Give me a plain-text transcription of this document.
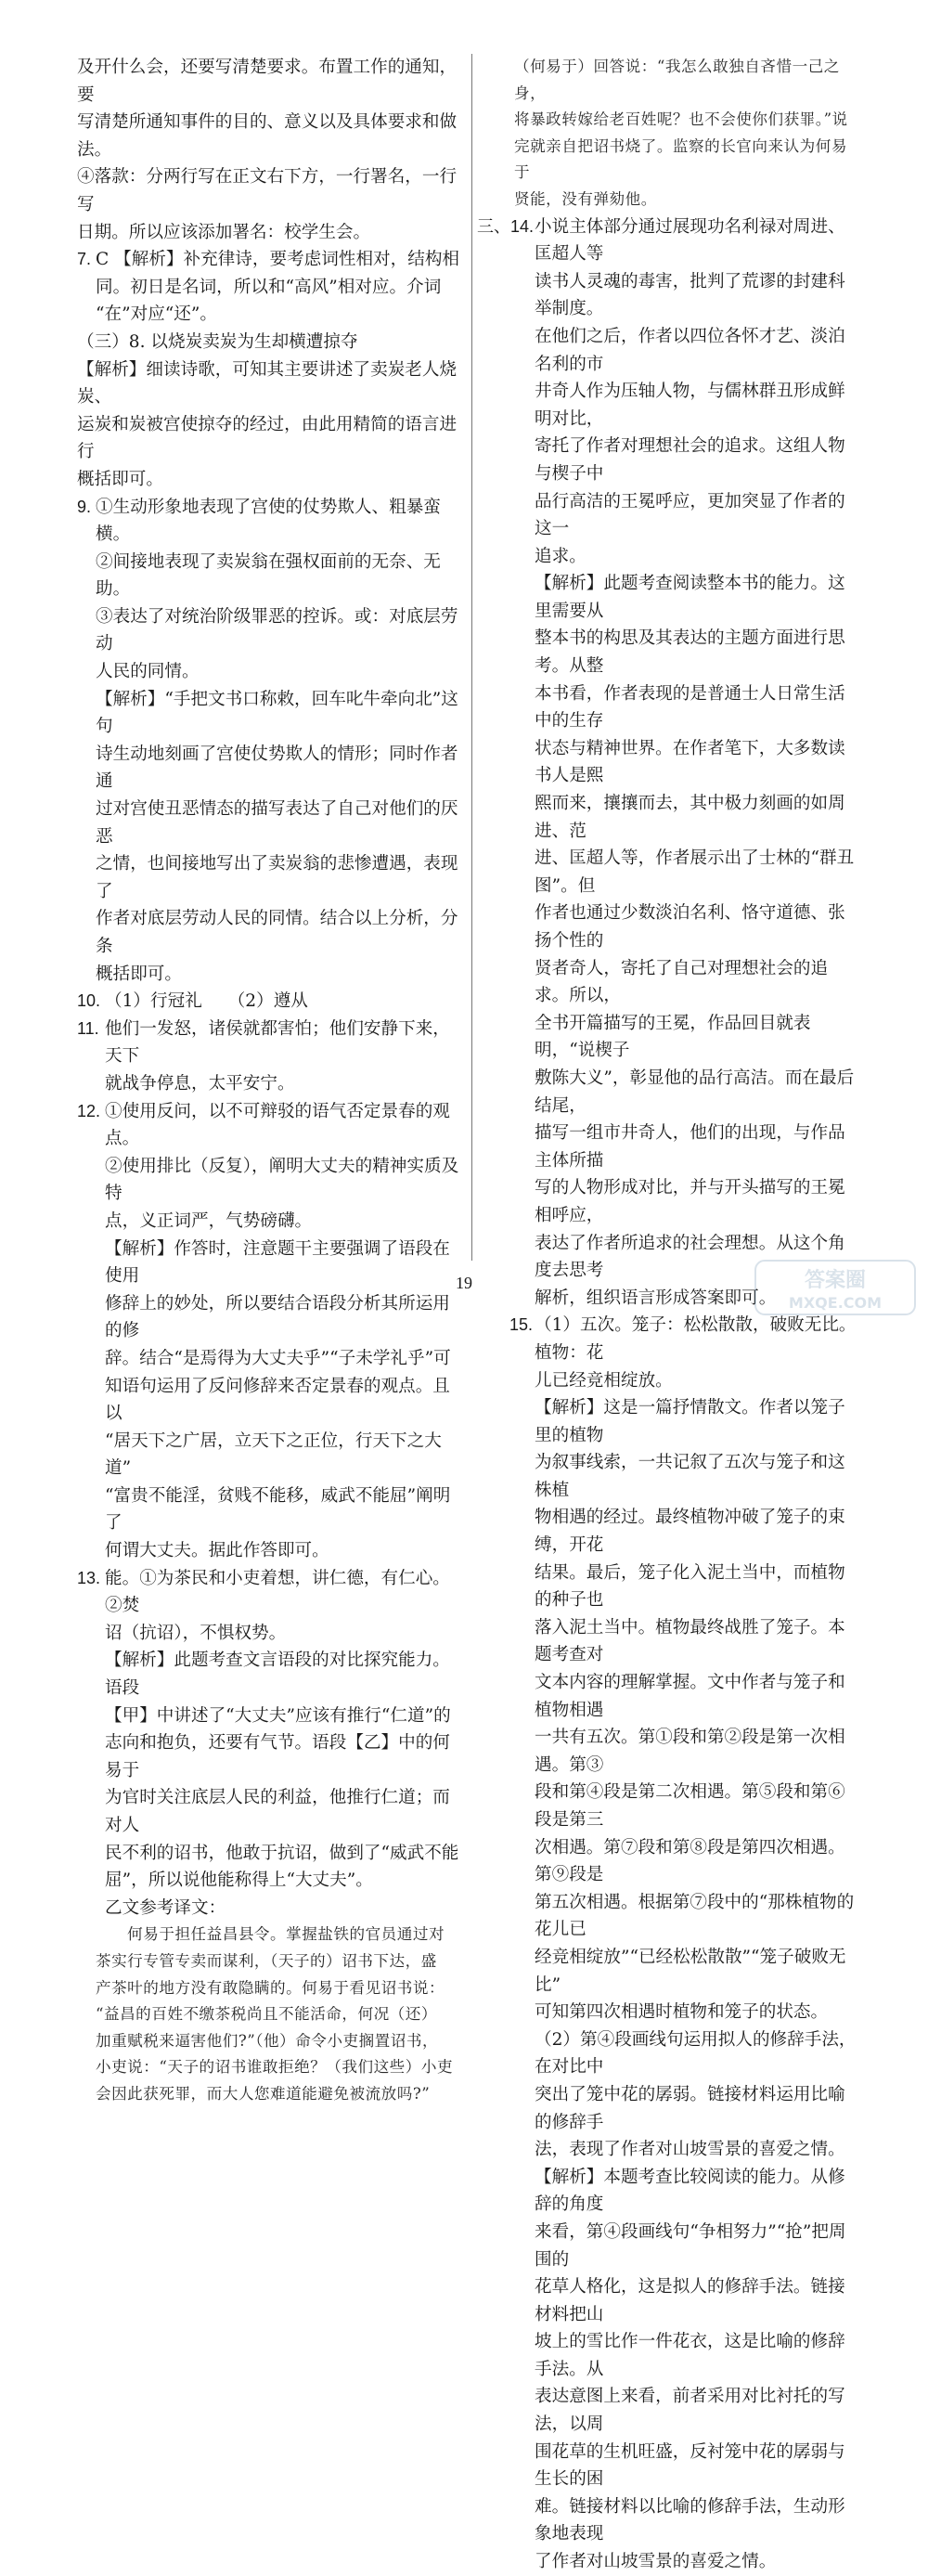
及开什么会，还要写清楚要求。布置工作的通知，要
写清楚所通知事件的目的、意义以及具体要求和做法。
④落款：分两行写在正文右下方，一行署名，一行写
日期。所以应该添加署名：校学生会。
7. C 【解析】补充律诗，要考虑词性相对，结构相
同。初日是名词，所以和“高风”相对应。介词
“在”对应“还”。
（三）8. 以烧炭卖炭为生却横遭掠夺
【解析】细读诗歌，可知其主要讲述了卖炭老人烧炭、
运炭和炭被宫使掠夺的经过，由此用精简的语言进行
概括即可。
9. ①生动形象地表现了宫使的仗势欺人、粗暴蛮横。
②间接地表现了卖炭翁在强权面前的无奈、无助。
③表达了对统治阶级罪恶的控诉。或：对底层劳动
人民的同情。
【解析】“手把文书口称敕，回车叱牛牵向北”这句
诗生动地刻画了宫使仗势欺人的情形；同时作者通
过对宫使丑恶情态的描写表达了自己对他们的厌恶
之情，也间接地写出了卖炭翁的悲惨遭遇，表现了
作者对底层劳动人民的同情。结合以上分析，分条
概括即可。
10. （1）行冠礼　　（2）遵从
11. 他们一发怒，诸侯就都害怕；他们安静下来，天下
就战争停息，太平安宁。
12. ①使用反问，以不可辩驳的语气否定景春的观点。
②使用排比（反复），阐明大丈夫的精神实质及特
点，义正词严，气势磅礴。
【解析】作答时，注意题干主要强调了语段在使用
修辞上的妙处，所以要结合语段分析其所运用的修
辞。结合“是焉得为大丈夫乎”“子未学礼乎”可
知语句运用了反问修辞来否定景春的观点。且以
“居天下之广居，立天下之正位，行天下之大道”
“富贵不能淫，贫贱不能移，威武不能屈”阐明了
何谓大丈夫。据此作答即可。
13. 能。①为茶民和小吏着想，讲仁德，有仁心。②焚
诏（抗诏），不惧权势。
【解析】此题考查文言语段的对比探究能力。语段
【甲】中讲述了“大丈夫”应该有推行“仁道”的
志向和抱负，还要有气节。语段【乙】中的何易于
为官时关注底层人民的利益，他推行仁道；而对人
民不利的诏书，他敢于抗诏，做到了“威武不能
屈”，所以说他能称得上“大丈夫”。
乙文参考译文：
　　何易于担任益昌县令。掌握盐铁的官员通过对
茶实行专管专卖而谋利，（天子的）诏书下达，盛
产茶叶的地方没有敢隐瞒的。何易于看见诏书说：
“益昌的百姓不缴茶税尚且不能活命，何况（还）
加重赋税来逼害他们?”（他）命令小吏搁置诏书，
小吏说：“天子的诏书谁敢拒绝？（我们这些）小吏
会因此获死罪，而大人您难道能避免被流放吗?”
（何易于）回答说：“我怎么敢独自吝惜一己之身，
将暴政转嫁给老百姓呢？也不会使你们获罪。”说
完就亲自把诏书烧了。监察的长官向来认为何易于
贤能，没有弹劾他。
三、14. 小说主体部分通过展现功名利禄对周进、匡超人等
读书人灵魂的毒害，批判了荒谬的封建科举制度。
在他们之后，作者以四位各怀才艺、淡泊名利的市
井奇人作为压轴人物，与儒林群丑形成鲜明对比，
寄托了作者对理想社会的追求。这组人物与楔子中
品行高洁的王冕呼应，更加突显了作者的这一
追求。
【解析】此题考查阅读整本书的能力。这里需要从
整本书的构思及其表达的主题方面进行思考。从整
本书看，作者表现的是普通士人日常生活中的生存
状态与精神世界。在作者笔下，大多数读书人是熙
熙而来，攘攘而去，其中极力刻画的如周进、范
进、匡超人等，作者展示出了士林的“群丑图”。但
作者也通过少数淡泊名利、恪守道德、张扬个性的
贤者奇人，寄托了自己对理想社会的追求。所以，
全书开篇描写的王冕，作品回目就表明，“说楔子
敷陈大义”，彰显他的品行高洁。而在最后结尾，
描写一组市井奇人，他们的出现，与作品主体所描
写的人物形成对比，并与开头描写的王冕相呼应，
表达了作者所追求的社会理想。从这个角度去思考
解析，组织语言形成答案即可。
15. （1）五次。笼子：松松散散，破败无比。植物：花
儿已经竞相绽放。
【解析】这是一篇抒情散文。作者以笼子里的植物
为叙事线索，一共记叙了五次与笼子和这株植
物相遇的经过。最终植物冲破了笼子的束缚，开花
结果。最后，笼子化入泥土当中，而植物的种子也
落入泥土当中。植物最终战胜了笼子。本题考查对
文本内容的理解掌握。文中作者与笼子和植物相遇
一共有五次。第①段和第②段是第一次相遇。第③
段和第④段是第二次相遇。第⑤段和第⑥段是第三
次相遇。第⑦段和第⑧段是第四次相遇。第⑨段是
第五次相遇。根据第⑦段中的“那株植物的花儿已
经竞相绽放”“已经松松散散”“笼子破败无比”
可知第四次相遇时植物和笼子的状态。
（2）第④段画线句运用拟人的修辞手法，在对比中
突出了笼中花的孱弱。链接材料运用比喻的修辞手
法，表现了作者对山坡雪景的喜爱之情。
【解析】本题考查比较阅读的能力。从修辞的角度
来看，第④段画线句“争相努力”“抢”把周围的
花草人格化，这是拟人的修辞手法。链接材料把山
坡上的雪比作一件花衣，这是比喻的修辞手法。从
表达意图上来看，前者采用对比衬托的写法，以周
围花草的生机旺盛，反衬笼中花的孱弱与生长的困
难。链接材料以比喻的修辞手法，生动形象地表现
了作者对山坡雪景的喜爱之情。
19	答案圈
MXQE.COM
